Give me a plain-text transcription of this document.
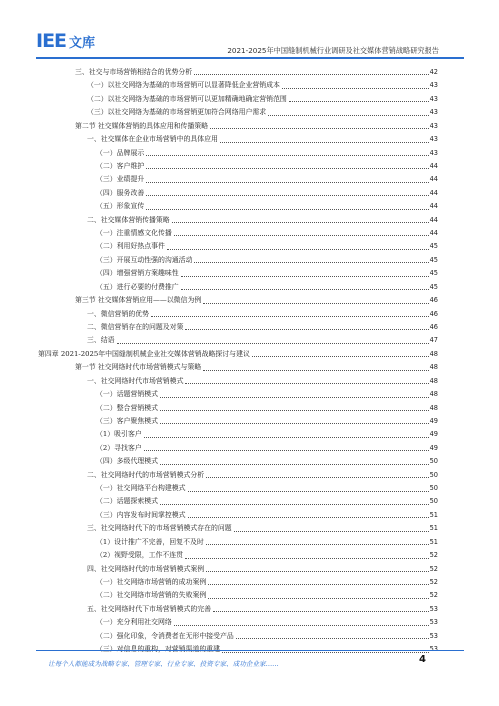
IEE 文库	2021-2025年中国缝制机械行业调研及社交媒体营销战略研究报告
三、社交与市场营销相结合的优势分析	42
（一）以社交网络为基础的市场营销可以显著降低企业营销成本	43
（二）以社交网络为基础的市场营销可以更加精确地确定营销范围	43
（三）以社交网络为基础的市场营销更加符合网络用户需求	43
第二节 社交媒体营销的具体应用和传播策略	43
一、社交媒体在企业市场营销中的具体应用	43
（一）品牌展示	43
（二）客户维护	44
（三）业绩提升	44
（四）服务改善	44
（五）形象宣传	44
二、社交媒体营销传播策略	44
（一）注重情感文化传播	44
（二）利用好热点事件	45
（三）开展互动性强的沟通活动	45
（四）增强营销方案趣味性	45
（五）进行必要的付费推广	45
第三节 社交媒体营销应用——以微信为例	46
一、微信营销的优势	46
二、微信营销存在的问题及对策	46
三、结语	47
第四章 2021-2025年中国缝制机械企业社交媒体营销战略探讨与建议	48
第一节 社交网络时代市场营销模式与策略	48
一、社交网络时代市场营销模式	48
（一）话题营销模式	48
（二）整合营销模式	48
（三）客户聚焦模式	49
（1）吸引客户	49
（2）寻找客户	49
（四）多级代理模式	50
二、社交网络时代的市场营销模式分析	50
（一）社交网络平台构建模式	50
（二）话题探索模式	50
（三）内容发布时间掌控模式	51
三、社交网络时代下的市场营销模式存在的问题	51
（1）设计推广不完善，回复不及时	51
（2）视野受限，工作不连贯	52
四、社交网络时代的市场营销模式案例	52
（一）社交网络市场营销的成功案例	52
（二）社交网络市场营销的失败案例	52
五、社交网络时代下市场营销模式的完善	53
（一）充分利用社交网络	53
（二）强化印象，令消费者在无形中接受产品	53
让每个人都能成为战略专家、管理专家、行业专家、投资专家、成功企业家……	4
